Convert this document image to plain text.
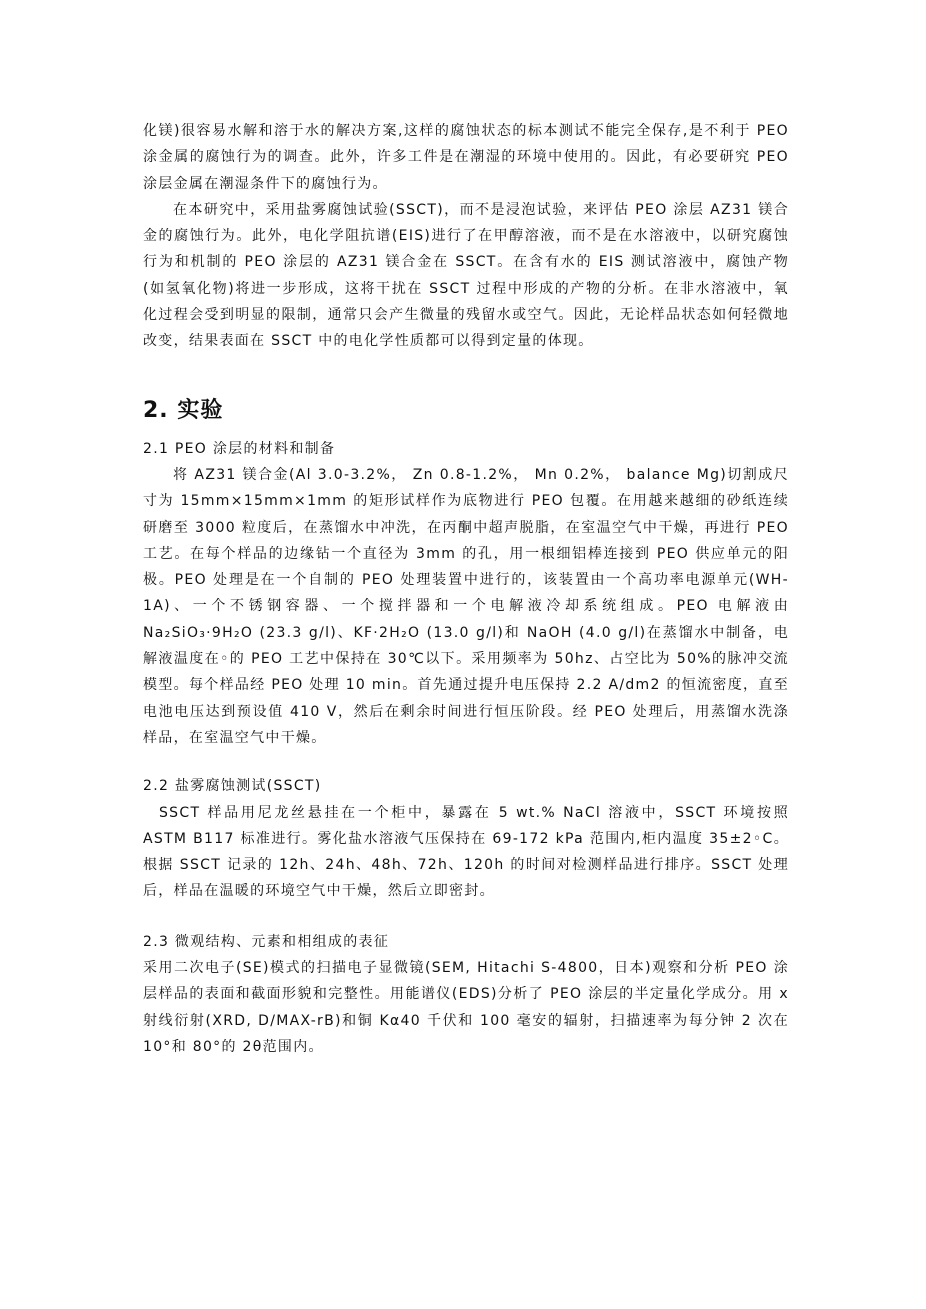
化镁)很容易水解和溶于水的解决方案,这样的腐蚀状态的标本测试不能完全保存,是不利于 PEO 涂金属的腐蚀行为的调查。此外，许多工件是在潮湿的环境中使用的。因此，有必要研究 PEO 涂层金属在潮湿条件下的腐蚀行为。

在本研究中，采用盐雾腐蚀试验(SSCT)，而不是浸泡试验，来评估 PEO 涂层 AZ31 镁合金的腐蚀行为。此外，电化学阻抗谱(EIS)进行了在甲醇溶液，而不是在水溶液中，以研究腐蚀行为和机制的 PEO 涂层的 AZ31 镁合金在 SSCT。在含有水的 EIS 测试溶液中，腐蚀产物(如氢氧化物)将进一步形成，这将干扰在 SSCT 过程中形成的产物的分析。在非水溶液中，氧化过程会受到明显的限制，通常只会产生微量的残留水或空气。因此，无论样品状态如何轻微地改变，结果表面在 SSCT 中的电化学性质都可以得到定量的体现。

2. 实验
2.1 PEO 涂层的材料和制备

将 AZ31 镁合金(Al 3.0-3.2%， Zn 0.8-1.2%， Mn 0.2%， balance Mg)切割成尺寸为 15mm×15mm×1mm 的矩形试样作为底物进行 PEO 包覆。在用越来越细的砂纸连续研磨至 3000 粒度后，在蒸馏水中冲洗，在丙酮中超声脱脂，在室温空气中干燥，再进行 PEO 工艺。在每个样品的边缘钻一个直径为 3mm 的孔，用一根细铝棒连接到 PEO 供应单元的阳极。PEO 处理是在一个自制的 PEO 处理装置中进行的，该装置由一个高功率电源单元(WH-1A)、一个不锈钢容器、一个搅拌器和一个电解液冷却系统组成。PEO 电解液由 Na₂SiO₃·9H₂O (23.3 g/l)、KF·2H₂O (13.0 g/l)和 NaOH (4.0 g/l)在蒸馏水中制备，电解液温度在◦的 PEO 工艺中保持在 30℃以下。采用频率为 50hz、占空比为 50%的脉冲交流模型。每个样品经 PEO 处理 10 min。首先通过提升电压保持 2.2 A/dm2 的恒流密度，直至电池电压达到预设值 410 V，然后在剩余时间进行恒压阶段。经 PEO 处理后，用蒸馏水洗涤样品，在室温空气中干燥。

2.2 盐雾腐蚀测试(SSCT)

SSCT 样品用尼龙丝悬挂在一个柜中，暴露在 5 wt.% NaCl 溶液中，SSCT 环境按照 ASTM B117 标准进行。雾化盐水溶液气压保持在 69-172 kPa 范围内,柜内温度 35±2◦C。根据 SSCT 记录的 12h、24h、48h、72h、120h 的时间对检测样品进行排序。SSCT 处理后，样品在温暖的环境空气中干燥，然后立即密封。

2.3 微观结构、元素和相组成的表征

采用二次电子(SE)模式的扫描电子显微镜(SEM, Hitachi S-4800，日本)观察和分析 PEO 涂层样品的表面和截面形貌和完整性。用能谱仪(EDS)分析了 PEO 涂层的半定量化学成分。用 x 射线衍射(XRD, D/MAX-rB)和铜 Kα40 千伏和 100 毫安的辐射，扫描速率为每分钟 2 次在 10°和 80°的 2θ范围内。
